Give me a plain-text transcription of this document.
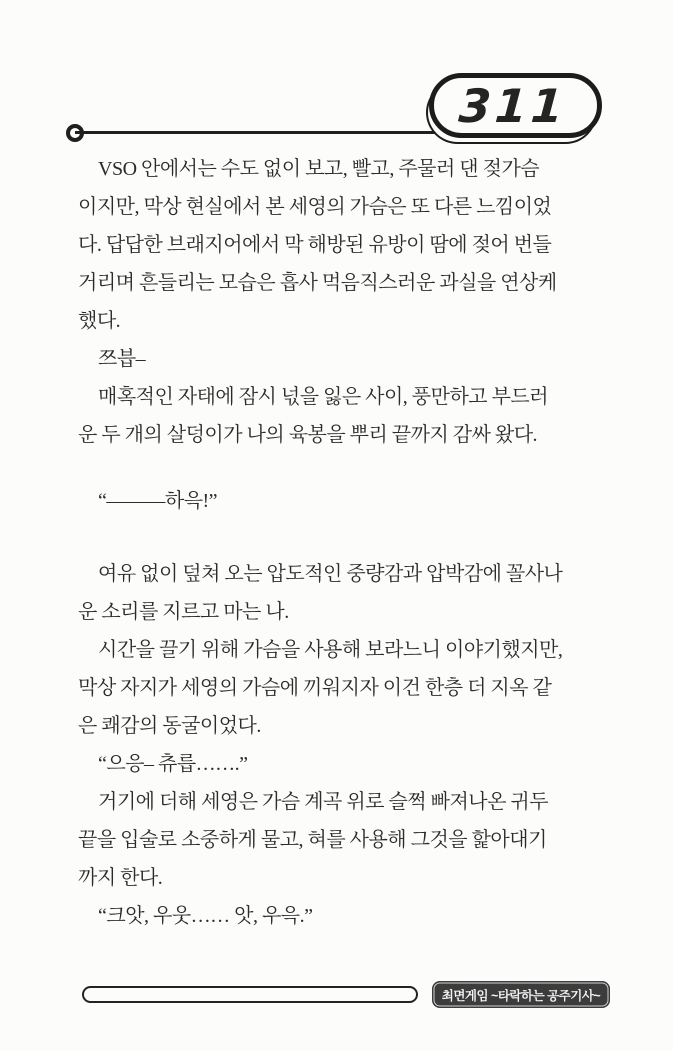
311
VSO 안에서는 수도 없이 보고, 빨고, 주물러 댄 젖가슴
이지만, 막상 현실에서 본 세영의 가슴은 또 다른 느낌이었
다. 답답한 브래지어에서 막 해방된 유방이 땀에 젖어 번들
거리며 흔들리는 모습은 흡사 먹음직스러운 과실을 연상케
했다.
쯔븝–
매혹적인 자태에 잠시 넋을 잃은 사이, 풍만하고 부드러
운 두 개의 살덩이가 나의 육봉을 뿌리 끝까지 감싸 왔다.
“———하윽!”
여유 없이 덮쳐 오는 압도적인 중량감과 압박감에 꼴사나
운 소리를 지르고 마는 나.
시간을 끌기 위해 가슴을 사용해 보라느니 이야기했지만,
막상 자지가 세영의 가슴에 끼워지자 이건 한층 더 지옥 같
은 쾌감의 동굴이었다.
“으응– 츄릅…….”
거기에 더해 세영은 가슴 계곡 위로 슬쩍 빠져나온 귀두
끝을 입술로 소중하게 물고, 혀를 사용해 그것을 핥아대기
까지 한다.
“크앗, 우웃…… 앗, 우윽.”
최면게임 ~타락하는 공주기사~
